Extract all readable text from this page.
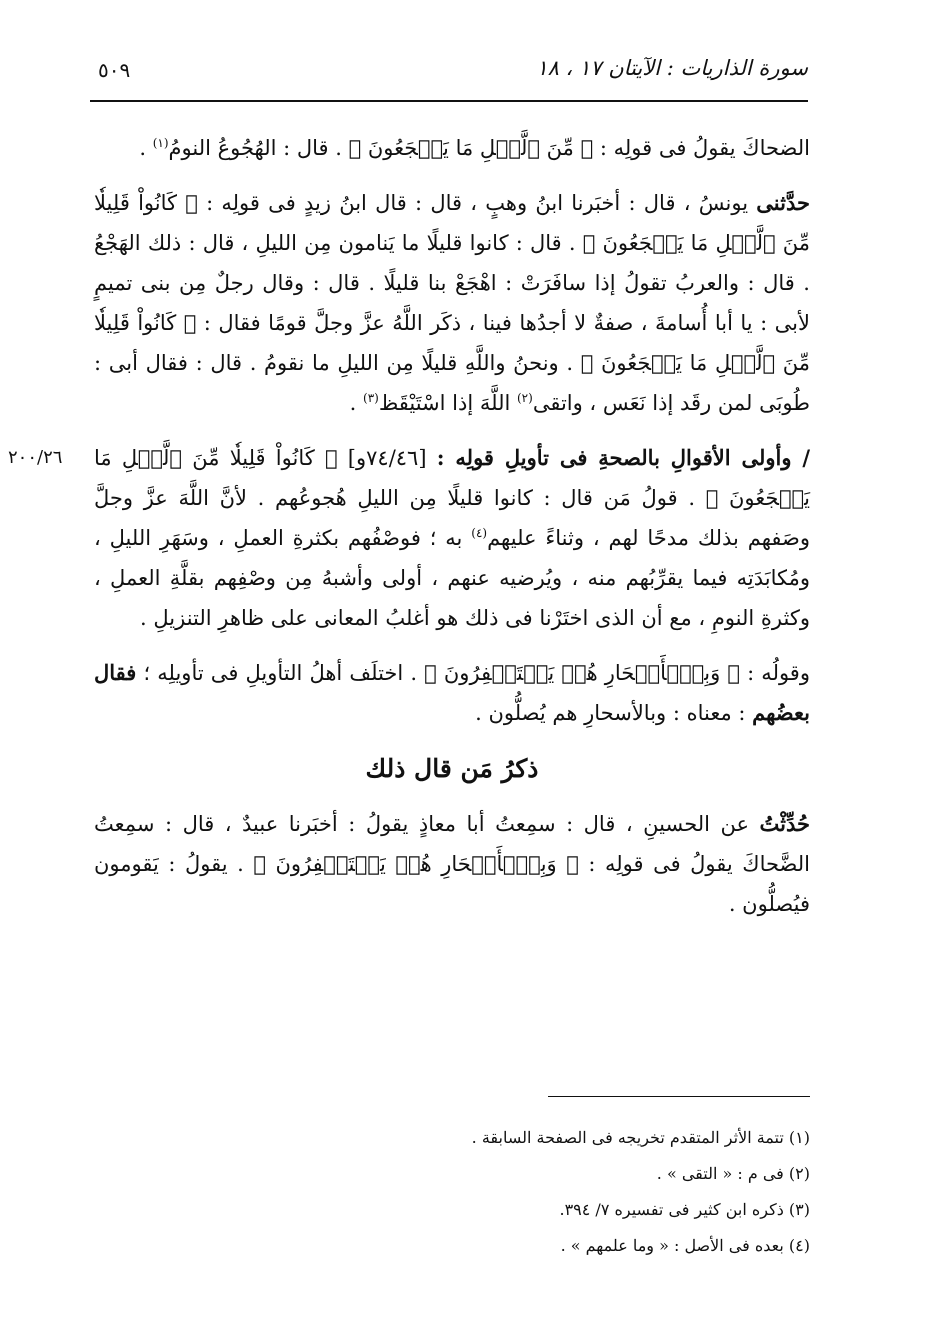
سورة الذاريات : الآيتان ١٧ ، ١٨
٥٠٩

الضحاكَ يقولُ فى قولِه : ﴿ مِّنَ ٱلَّيۡلِ مَا يَهۡجَعُونَ ﴾ . قال : الهُجُوعُ النومُ$^{(١)}$ .

حدَّثنى يونسُ ، قال : أخبَرنا ابنُ وهبٍ ، قال : قال ابنُ زيدٍ فى قولِه : ﴿ كَانُواْ قَلِيلٗا مِّنَ ٱلَّيۡلِ مَا يَهۡجَعُونَ ﴾ . قال : كانوا قليلًا ما يَنامون مِن الليلِ ، قال : ذلك الهَجْعُ . قال : والعربُ تقولُ إذا سافَرَتْ : اهْجَعْ بنا قليلًا . قال : وقال رجلٌ مِن بنى تميمٍ لأبى : يا أبا أُسامةَ ، صفةٌ لا أجدُها فينا ، ذكَر اللَّهُ عزَّ وجلَّ قومًا فقال : ﴿ كَانُواْ قَلِيلٗا مِّنَ ٱلَّيۡلِ مَا يَهۡجَعُونَ ﴾ . ونحنُ واللَّهِ قليلًا مِن الليلِ ما نقومُ . قال : فقال أبى : طُوبَى لمن رقَد إذا نَعَس ، واتقى$^{(٢)}$ اللَّهَ إذا اسْتَيْقَظ$^{(٣)}$ .

٢٠٠/٢٦	/ وأولى الأقوالِ بالصحةِ فى تأويلِ قولِه : [٧٤/٤٦و] ﴿ كَانُواْ قَلِيلٗا مِّنَ ٱلَّيۡلِ مَا يَهۡجَعُونَ ﴾ . قولُ مَن قال : كانوا قليلًا مِن الليلِ هُجوعُهم . لأنَّ اللَّهَ عزَّ وجلَّ وصَفهم بذلك مدحًا لهم ، وثناءً عليهم$^{(٤)}$ به ؛ فوصْفُهم بكثرةِ العملِ ، وسَهَرِ الليلِ ، ومُكابَدَتِه فيما يقرِّبُهم منه ، ويُرضيه عنهم ، أولى وأشبهُ مِن وصْفِهم بقلَّةِ العملِ ، وكثرةِ النومِ ، مع أن الذى اختَرْنا فى ذلك هو أغلبُ المعانى على ظاهرِ التنزيلِ .

وقولُه : ﴿ وَبِٱلۡأَسۡحَارِ هُمۡ يَسۡتَغۡفِرُونَ ﴾ . اختلَف أهلُ التأويلِ فى تأويلِه ؛ فقال بعضُهم : معناه : وبالأسحارِ هم يُصلُّون .

ذكرُ مَن قال ذلك

حُدِّثْتُ عن الحسينِ ، قال : سمِعتُ أبا معاذٍ يقولُ : أخبَرنا عبيدٌ ، قال : سمِعتُ الضَّحاكَ يقولُ فى قولِه : ﴿ وَبِٱلۡأَسۡحَارِ هُمۡ يَسۡتَغۡفِرُونَ ﴾ . يقولُ : يَقومون فيُصلُّون .

(١) تتمة الأثر المتقدم تخريجه فى الصفحة السابقة .
(٢) فى م : « التقى » .
(٣) ذكره ابن كثير فى تفسيره ٧/ ٣٩٤.
(٤) بعده فى الأصل : « وما علمهم » .
